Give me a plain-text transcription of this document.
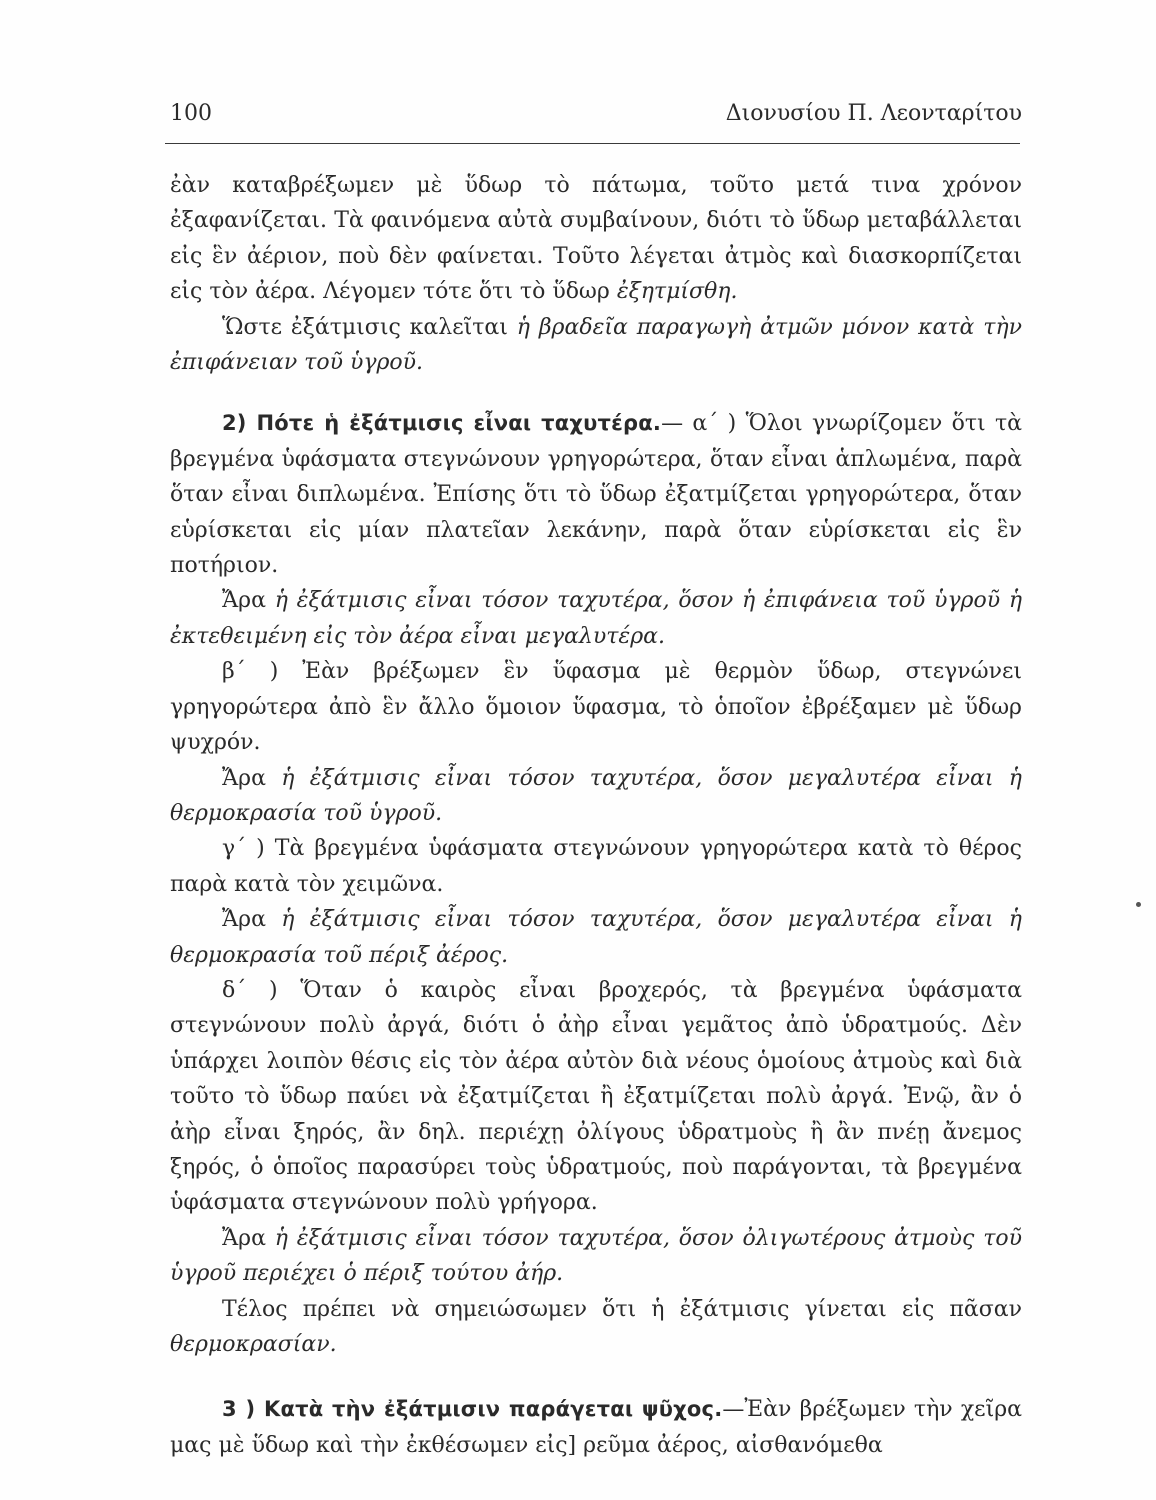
100	Διονυσίου Π. Λεονταρίτου

ἐὰν καταβρέξωμεν μὲ ὕδωρ τὸ πάτωμα, τοῦτο μετά τινα χρόνον ἐξαφανίζεται. Τὰ φαινόμενα αὐτὰ συμβαίνουν, διότι τὸ ὕδωρ μεταβάλλεται εἰς ἓν ἀέριον, ποὺ δὲν φαίνεται. Τοῦτο λέγεται ἀτμὸς καὶ διασκορπίζεται εἰς τὸν ἀέρα. Λέγομεν τότε ὅτι τὸ ὕδωρ ἐξητμίσθη.

Ὥστε ἐξάτμισις καλεῖται ἡ βραδεῖα παραγωγὴ ἀτμῶν μόνον κατὰ τὴν ἐπιφάνειαν τοῦ ὑγροῦ.

2) Πότε ἡ ἐξάτμισις εἶναι ταχυτέρα.— α΄ ) Ὅλοι γνωρίζομεν ὅτι τὰ βρεγμένα ὑφάσματα στεγνώνουν γρηγορώτερα, ὅταν εἶναι ἁπλωμένα, παρὰ ὅταν εἶναι διπλωμένα. Ἐπίσης ὅτι τὸ ὕδωρ ἐξατμίζεται γρηγορώτερα, ὅταν εὑρίσκεται εἰς μίαν πλατεῖαν λεκάνην, παρὰ ὅταν εὑρίσκεται εἰς ἓν ποτήριον.

Ἄρα ἡ ἐξάτμισις εἶναι τόσον ταχυτέρα, ὅσον ἡ ἐπιφάνεια τοῦ ὑγροῦ ἡ ἐκτεθειμένη εἰς τὸν ἀέρα εἶναι μεγαλυτέρα.

β΄ ) Ἐὰν βρέξωμεν ἓν ὕφασμα μὲ θερμὸν ὕδωρ, στεγνώνει γρηγορώτερα ἀπὸ ἓν ἄλλο ὅμοιον ὕφασμα, τὸ ὁποῖον ἐβρέξαμεν μὲ ὕδωρ ψυχρόν.

Ἄρα ἡ ἐξάτμισις εἶναι τόσον ταχυτέρα, ὅσον μεγαλυτέρα εἶναι ἡ θερμοκρασία τοῦ ὑγροῦ.

γ΄ ) Τὰ βρεγμένα ὑφάσματα στεγνώνουν γρηγορώτερα κατὰ τὸ θέρος παρὰ κατὰ τὸν χειμῶνα.

Ἄρα ἡ ἐξάτμισις εἶναι τόσον ταχυτέρα, ὅσον μεγαλυτέρα εἶναι ἡ θερμοκρασία τοῦ πέριξ ἀέρος.

δ΄ ) Ὅταν ὁ καιρὸς εἶναι βροχερός, τὰ βρεγμένα ὑφάσματα στεγνώνουν πολὺ ἀργά, διότι ὁ ἀὴρ εἶναι γεμᾶτος ἀπὸ ὑδρατμούς. Δὲν ὑπάρχει λοιπὸν θέσις εἰς τὸν ἀέρα αὐτὸν διὰ νέους ὁμοίους ἀτμοὺς καὶ διὰ τοῦτο τὸ ὕδωρ παύει νὰ ἐξατμίζεται ἢ ἐξατμίζεται πολὺ ἀργά. Ἐνῷ, ἂν ὁ ἀὴρ εἶναι ξηρός, ἂν δηλ. περιέχῃ ὀλίγους ὑδρατμοὺς ἢ ἂν πνέῃ ἄνεμος ξηρός, ὁ ὁποῖος παρασύρει τοὺς ὑδρατμούς, ποὺ παράγονται, τὰ βρεγμένα ὑφάσματα στεγνώνουν πολὺ γρήγορα.

Ἄρα ἡ ἐξάτμισις εἶναι τόσον ταχυτέρα, ὅσον ὀλιγωτέρους ἀτμοὺς τοῦ ὑγροῦ περιέχει ὁ πέριξ τούτου ἀήρ.

Τέλος πρέπει νὰ σημειώσωμεν ὅτι ἡ ἐξάτμισις γίνεται εἰς πᾶσαν θερμοκρασίαν.

3 ) Κατὰ τὴν ἐξάτμισιν παράγεται ψῦχος.—Ἐὰν βρέξωμεν τὴν χεῖρα μας μὲ ὕδωρ καὶ τὴν ἐκθέσωμεν εἰς] ρεῦμα ἀέρος, αἰσθανόμεθα
